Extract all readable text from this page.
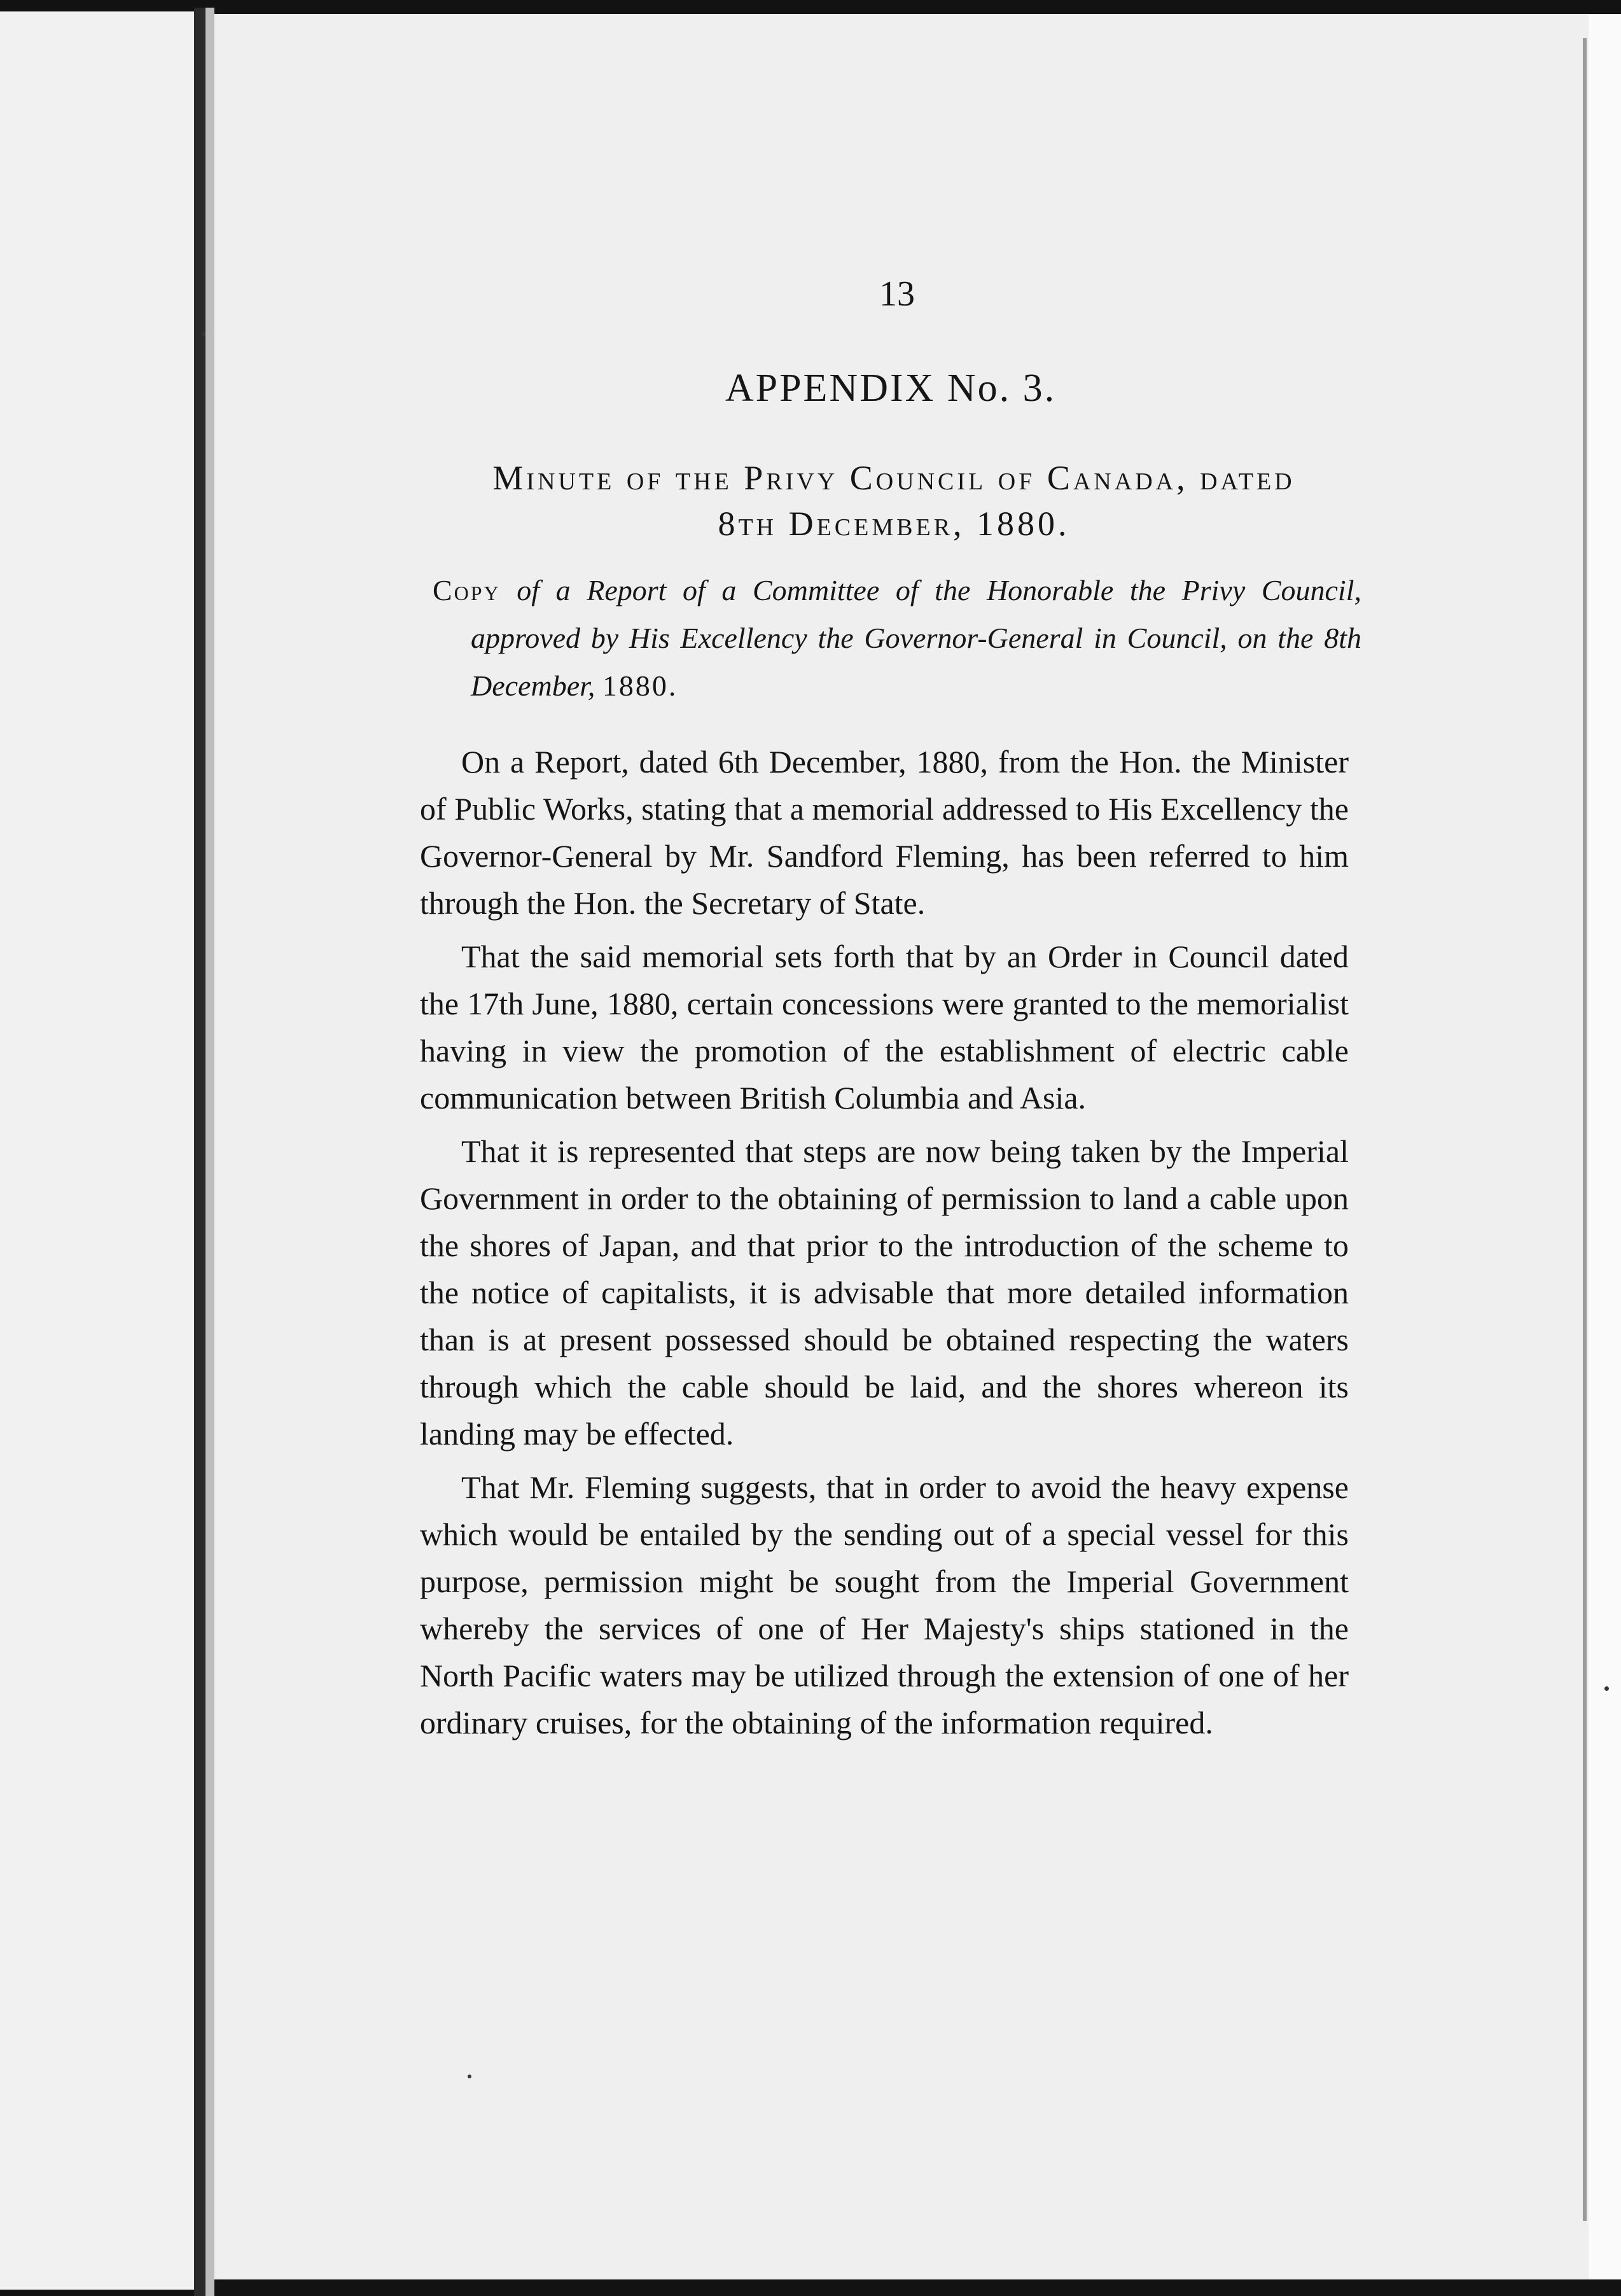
13
APPENDIX No. 3.
Minute of the Privy Council of Canada, dated
8th December, 1880.
Copy of a Report of a Committee of the Honorable the Privy Council, approved by His Excellency the Governor-General in Council, on the 8th December, 1880.

On a Report, dated 6th December, 1880, from the Hon. the Minister of Public Works, stating that a memorial addressed to His Excellency the Governor-General by Mr. Sandford Fleming, has been referred to him through the Hon. the Secretary of State.

That the said memorial sets forth that by an Order in Council dated the 17th June, 1880, certain concessions were granted to the memorialist having in view the promotion of the establishment of electric cable communication between British Columbia and Asia.

That it is represented that steps are now being taken by the Imperial Government in order to the obtaining of permission to land a cable upon the shores of Japan, and that prior to the introduction of the scheme to the notice of capitalists, it is advisable that more detailed information than is at present possessed should be obtained respecting the waters through which the cable should be laid, and the shores whereon its landing may be effected.

That Mr. Fleming suggests, that in order to avoid the heavy expense which would be entailed by the sending out of a special vessel for this purpose, permission might be sought from the Imperial Government whereby the services of one of Her Majesty's ships stationed in the North Pacific waters may be utilized through the extension of one of her ordinary cruises, for the obtaining of the information required.
